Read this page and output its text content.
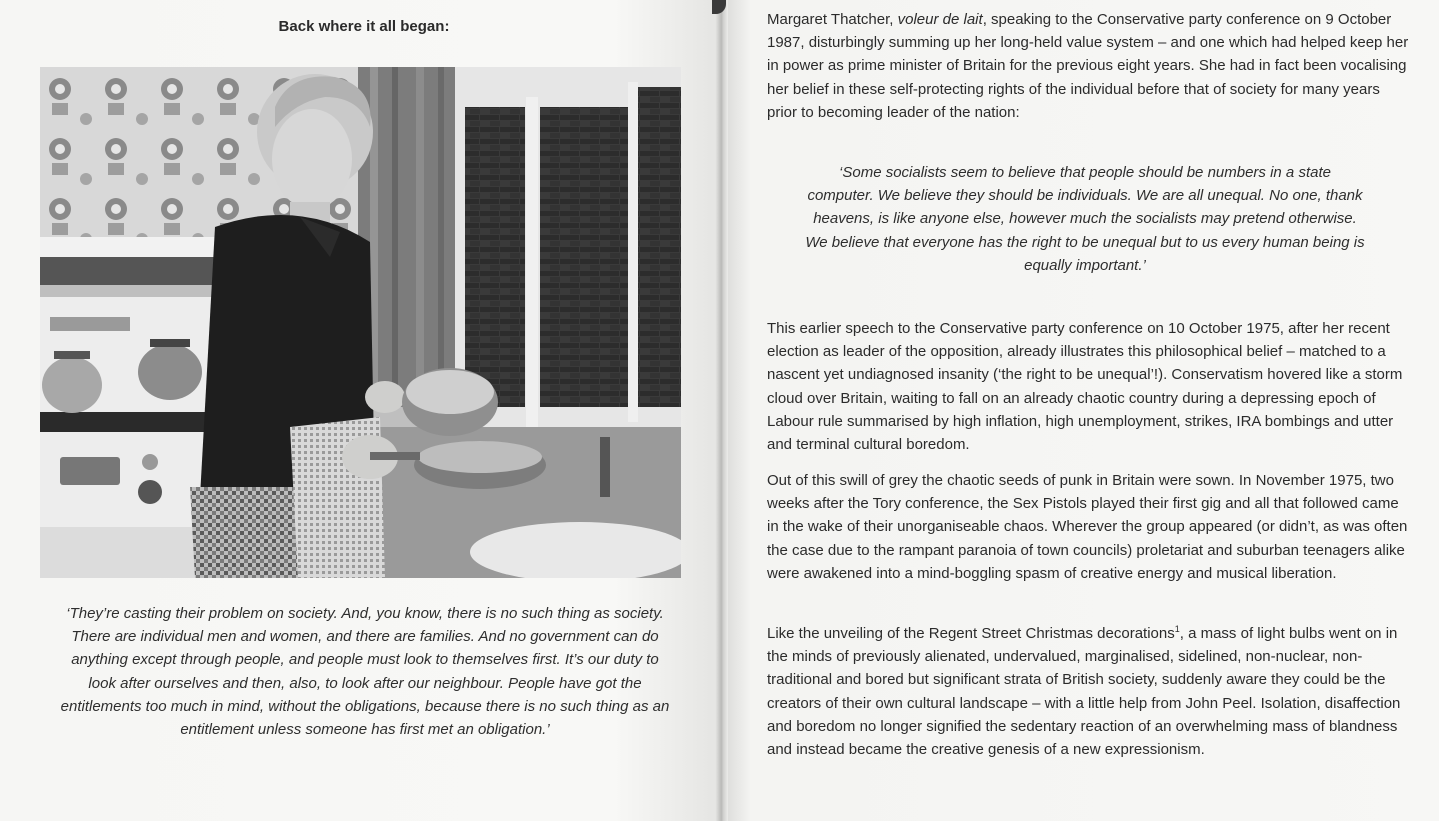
Back where it all began:

‘They’re casting their problem on society. And, you know, there is no such thing as society. There are individual men and women, and there are families. And no government can do anything except through people, and people must look to themselves first. It’s our duty to look after ourselves and then, also, to look after our neighbour. People have got the entitlements too much in mind, without the obligations, because there is no such thing as an entitlement unless someone has first met an obligation.’

Margaret Thatcher, voleur de lait, speaking to the Conservative party conference on 9 October 1987, disturbingly summing up her long-held value system – and one which had helped keep her in power as prime minister of Britain for the previous eight years. She had in fact been vocalising her belief in these self-protecting rights of the individual before that of society for many years prior to becoming leader of the nation:

‘Some socialists seem to believe that people should be numbers in a state computer. We believe they should be individuals. We are all unequal. No one, thank heavens, is like anyone else, however much the socialists may pretend otherwise. We believe that everyone has the right to be unequal but to us every human being is equally important.’

This earlier speech to the Conservative party conference on 10 October 1975, after her recent election as leader of the opposition, already illustrates this philosophical belief – matched to a nascent yet undiagnosed insanity (‘the right to be unequal’!). Conservatism hovered like a storm cloud over Britain, waiting to fall on an already chaotic country during a depressing epoch of Labour rule summarised by high inflation, high unemployment, strikes, IRA bombings and utter and terminal cultural boredom.

Out of this swill of grey the chaotic seeds of punk in Britain were sown. In November 1975, two weeks after the Tory conference, the Sex Pistols played their first gig and all that followed came in the wake of their unorganiseable chaos. Wherever the group appeared (or didn’t, as was often the case due to the rampant paranoia of town councils) proletariat and suburban teenagers alike were awakened into a mind-boggling spasm of creative energy and musical liberation.

Like the unveiling of the Regent Street Christmas decorations$^1$, a mass of light bulbs went on in the minds of previously alienated, undervalued, marginalised, sidelined, non-nuclear, non-traditional and bored but significant strata of British society, suddenly aware they could be the creators of their own cultural landscape – with a little help from John Peel. Isolation, disaffection and boredom no longer signified the sedentary reaction of an overwhelming mass of blandness and instead became the creative genesis of a new expressionism.
